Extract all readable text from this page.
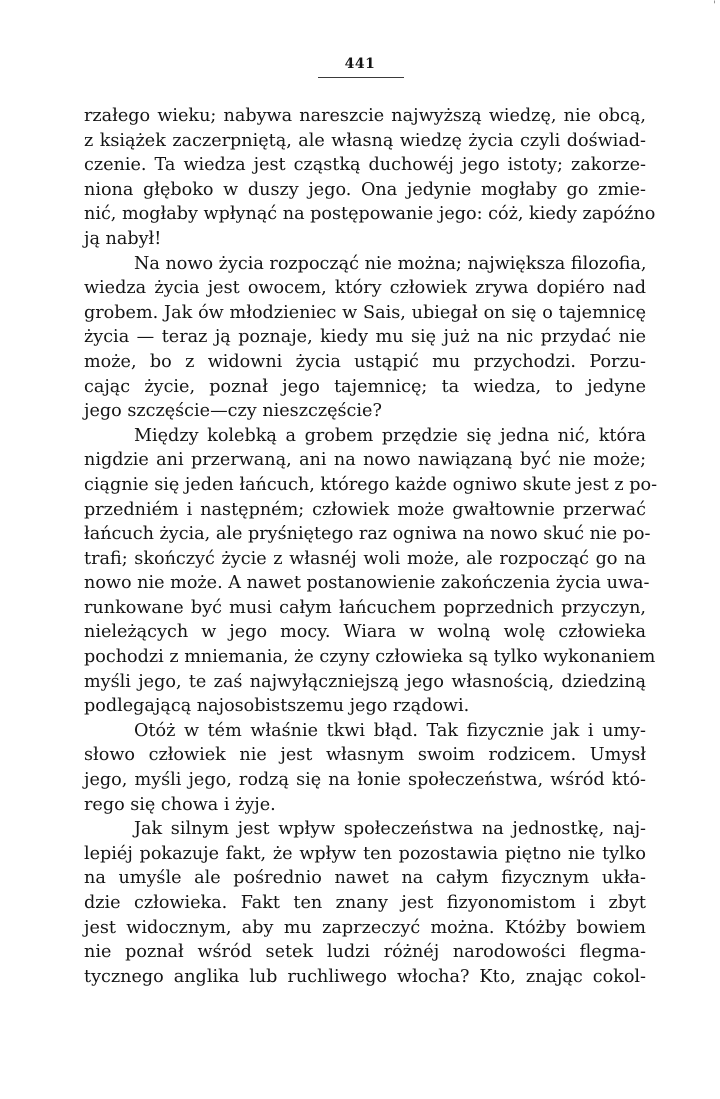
'
441
rzałego wieku; nabywa nareszcie najwyższą wiedzę, nie obcą,
z książek zaczerpniętą, ale własną wiedzę życia czyli doświad-
czenie. Ta wiedza jest cząstką duchowéj jego istoty; zakorze-
niona głęboko w duszy jego. Ona jedynie mogłaby go zmie-
nić, mogłaby wpłynąć na postępowanie jego: cóż, kiedy zapóźno
ją nabył!
Na nowo życia rozpocząć nie można; największa filozofia,
wiedza życia jest owocem, który człowiek zrywa dopiéro nad
grobem. Jak ów młodzieniec w Sais, ubiegał on się o tajemnicę
życia — teraz ją poznaje, kiedy mu się już na nic przydać nie
może, bo z widowni życia ustąpić mu przychodzi. Porzu-
cając życie, poznał jego tajemnicę; ta wiedza, to jedyne
jego szczęście—czy nieszczęście?
Między kolebką a grobem przędzie się jedna nić, która
nigdzie ani przerwaną, ani na nowo nawiązaną być nie może;
ciągnie się jeden łańcuch, którego każde ogniwo skute jest z po-
przedniém i następném; człowiek może gwałtownie przerwać
łańcuch życia, ale pryśniętego raz ogniwa na nowo skuć nie po-
trafi; skończyć życie z własnéj woli może, ale rozpocząć go na
nowo nie może. A nawet postanowienie zakończenia życia uwa-
runkowane być musi całym łańcuchem poprzednich przyczyn,
nieleżących w jego mocy. Wiara w wolną wolę człowieka
pochodzi z mniemania, że czyny człowieka są tylko wykonaniem
myśli jego, te zaś najwyłączniejszą jego własnością, dziedziną
podlegającą najosobistszemu jego rządowi.
Otóż w tém właśnie tkwi błąd. Tak fizycznie jak i umy-
słowo człowiek nie jest własnym swoim rodzicem. Umysł
jego, myśli jego, rodzą się na łonie społeczeństwa, wśród któ-
rego się chowa i żyje.
Jak silnym jest wpływ społeczeństwa na jednostkę, naj-
lepiéj pokazuje fakt, że wpływ ten pozostawia piętno nie tylko
na umyśle ale pośrednio nawet na całym fizycznym ukła-
dzie człowieka. Fakt ten znany jest fizyonomistom i zbyt
jest widocznym, aby mu zaprzeczyć można. Któżby bowiem
nie poznał wśród setek ludzi różnéj narodowości flegma-
tycznego anglika lub ruchliwego włocha? Kto, znając cokol-
